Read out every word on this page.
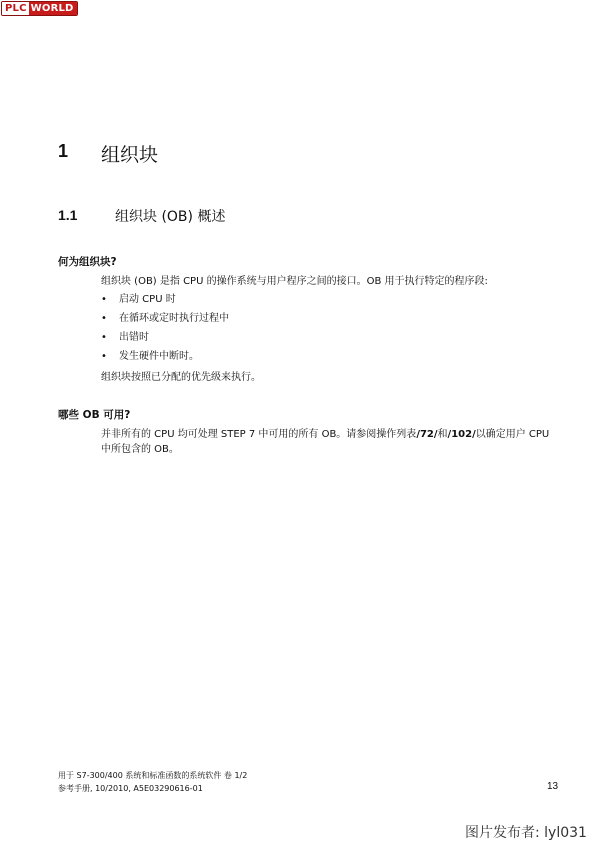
PLC WORLD
1 组织块
1.1	组织块 (OB) 概述
何为组织块?
组织块 (OB) 是指 CPU 的操作系统与用户程序之间的接口。OB 用于执行特定的程序段:
•	启动 CPU 时
•	在循环或定时执行过程中
•	出错时
•	发生硬件中断时。
组织块按照已分配的优先级来执行。
哪些 OB 可用?
并非所有的 CPU 均可处理 STEP 7 中可用的所有 OB。请参阅操作列表/72/和/102/以确定用户 CPU 中所包含的 OB。
用于 S7-300/400 系统和标准函数的系统软件 卷 1/2
参考手册, 10/2010, A5E03290616-01	13
图片发布者: lyl031
